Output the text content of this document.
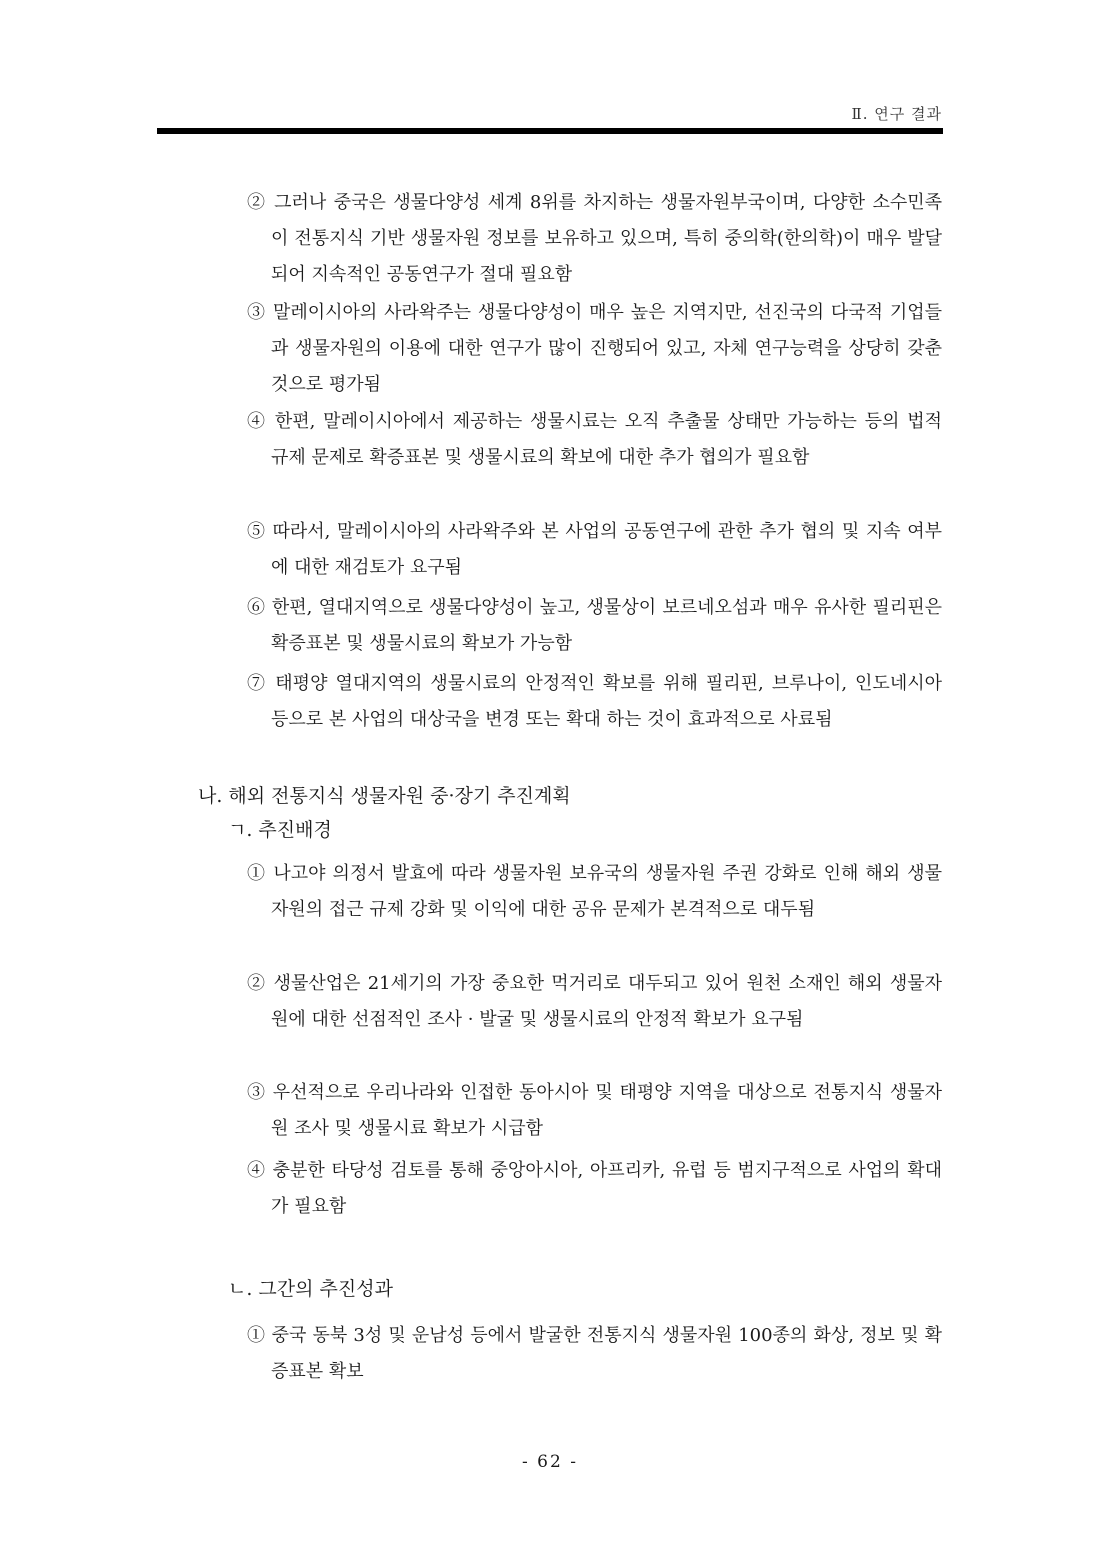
Ⅱ. 연구 결과
② 그러나 중국은 생물다양성 세계 8위를 차지하는 생물자원부국이며, 다양한 소수민족이 전통지식 기반 생물자원 정보를 보유하고 있으며, 특히 중의학(한의학)이 매우 발달되어 지속적인 공동연구가 절대 필요함
③ 말레이시아의 사라왁주는 생물다양성이 매우 높은 지역지만, 선진국의 다국적 기업들과 생물자원의 이용에 대한 연구가 많이 진행되어 있고, 자체 연구능력을 상당히 갖춘 것으로 평가됨
④ 한편, 말레이시아에서 제공하는 생물시료는 오직 추출물 상태만 가능하는 등의 법적 규제 문제로 확증표본 및 생물시료의 확보에 대한 추가 협의가 필요함
⑤ 따라서, 말레이시아의 사라왁주와 본 사업의 공동연구에 관한 추가 협의 및 지속 여부에 대한 재검토가 요구됨
⑥ 한편, 열대지역으로 생물다양성이 높고, 생물상이 보르네오섬과 매우 유사한 필리핀은 확증표본 및 생물시료의 확보가 가능함
⑦ 태평양 열대지역의 생물시료의 안정적인 확보를 위해 필리핀, 브루나이, 인도네시아 등으로 본 사업의 대상국을 변경 또는 확대 하는 것이 효과적으로 사료됨
나. 해외 전통지식 생물자원 중·장기 추진계획
ㄱ. 추진배경
① 나고야 의정서 발효에 따라 생물자원 보유국의 생물자원 주권 강화로 인해 해외 생물자원의 접근 규제 강화 및 이익에 대한 공유 문제가 본격적으로 대두됨
② 생물산업은 21세기의 가장 중요한 먹거리로 대두되고 있어 원천 소재인 해외 생물자원에 대한 선점적인 조사 · 발굴 및 생물시료의 안정적 확보가 요구됨
③ 우선적으로 우리나라와 인접한 동아시아 및 태평양 지역을 대상으로 전통지식 생물자원 조사 및 생물시료 확보가 시급함
④ 충분한 타당성 검토를 통해 중앙아시아, 아프리카, 유럽 등 범지구적으로 사업의 확대가 필요함
ㄴ. 그간의 추진성과
① 중국 동북 3성 및 운남성 등에서 발굴한 전통지식 생물자원 100종의 화상, 정보 및 확증표본 확보
- 62 -
